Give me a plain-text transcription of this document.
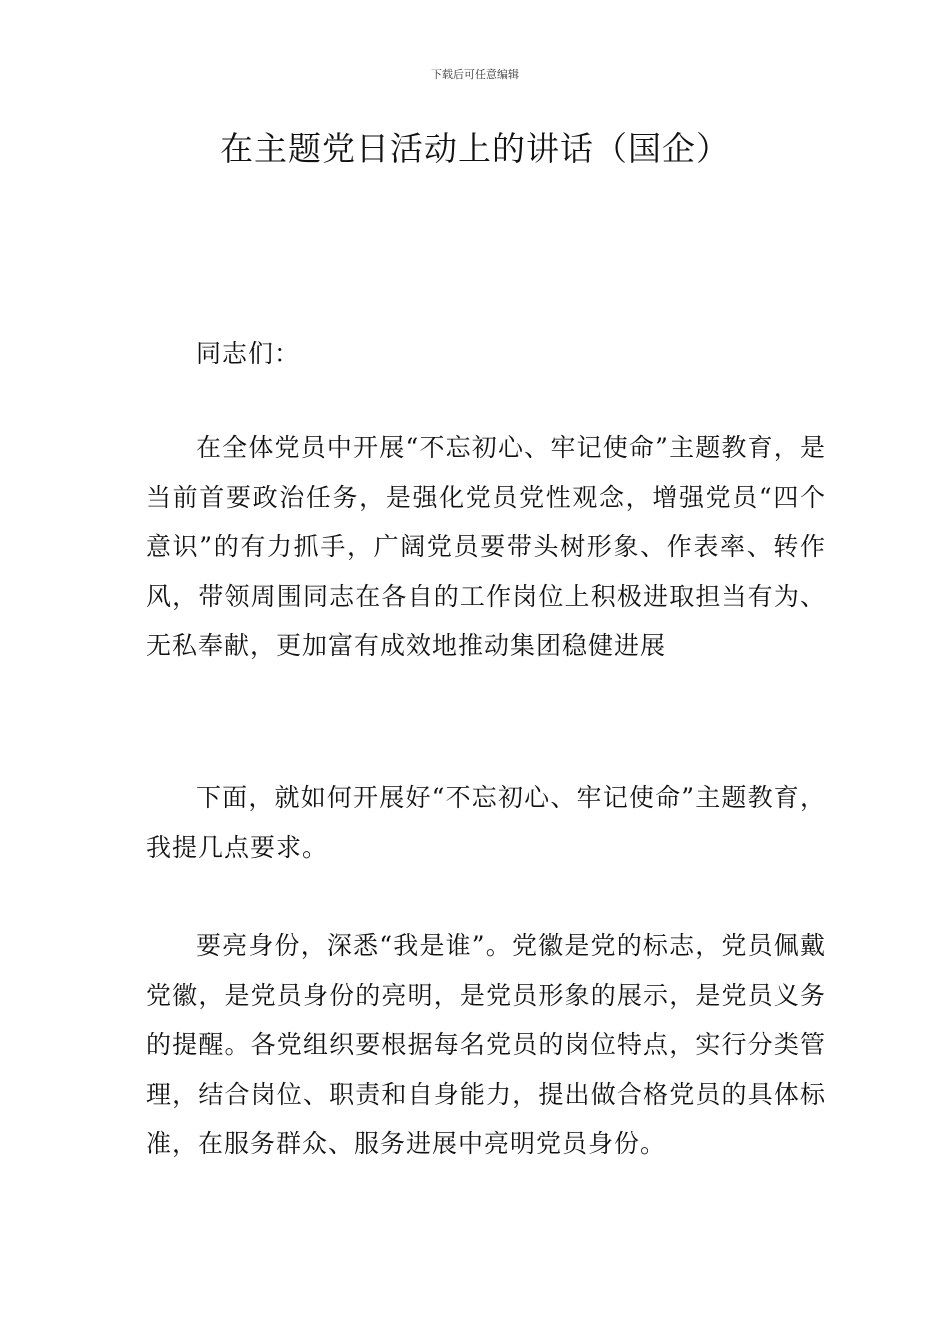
下载后可任意编辑
在主题党日活动上的讲话（国企）

同志们：

在全体党员中开展“不忘初心、牢记使命”主题教育，是当前首要政治任务，是强化党员党性观念，增强党员“四个意识”的有力抓手，广阔党员要带头树形象、作表率、转作风，带领周围同志在各自的工作岗位上积极进取担当有为、无私奉献，更加富有成效地推动集团稳健进展

下面，就如何开展好“不忘初心、牢记使命”主题教育，我提几点要求。

要亮身份，深悉“我是谁”。党徽是党的标志，党员佩戴党徽，是党员身份的亮明，是党员形象的展示，是党员义务的提醒。各党组织要根据每名党员的岗位特点，实行分类管理，结合岗位、职责和自身能力，提出做合格党员的具体标准，在服务群众、服务进展中亮明党员身份。
